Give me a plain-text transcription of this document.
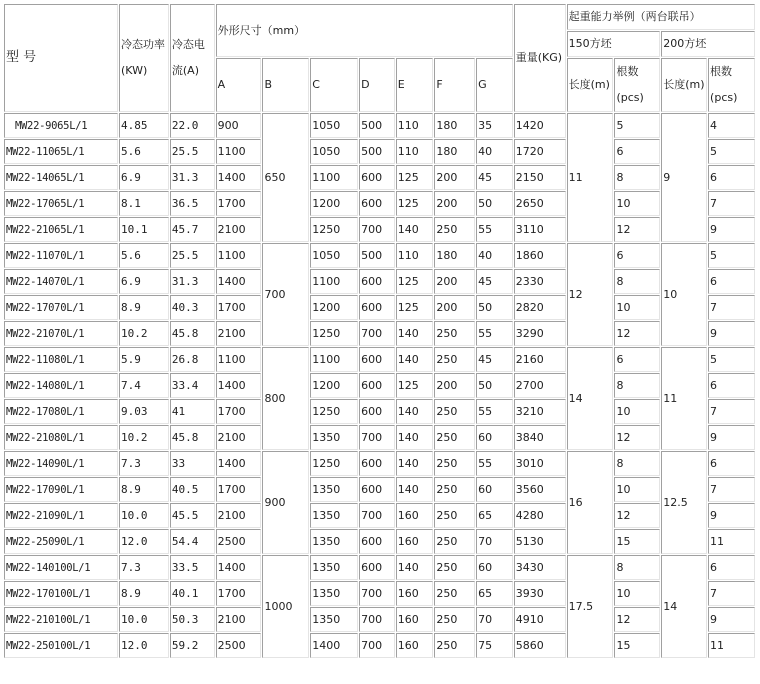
型 号	冷态功率(KW)	冷态电流(A)	外形尺寸（mm）							重量(KG)	起重能力举例（两台联吊）			
											150方坯		200方坯	
			A	B	C	D	E	F	G		长度(m)	根数(pcs)	长度(m)	根数(pcs)
MW22-9065L/1	4.85	22.0	900	650	1050	500	110	180	35	1420	11	5	9	4
MW22-11065L/1	5.6	25.5	1100		1050	500	110	180	40	1720		6		5
MW22-14065L/1	6.9	31.3	1400		1100	600	125	200	45	2150		8		6
MW22-17065L/1	8.1	36.5	1700		1200	600	125	200	50	2650		10		7
MW22-21065L/1	10.1	45.7	2100		1250	700	140	250	55	3110		12		9
MW22-11070L/1	5.6	25.5	1100	700	1050	500	110	180	40	1860	12	6	10	5
MW22-14070L/1	6.9	31.3	1400		1100	600	125	200	45	2330		8		6
MW22-17070L/1	8.9	40.3	1700		1200	600	125	200	50	2820		10		7
MW22-21070L/1	10.2	45.8	2100		1250	700	140	250	55	3290		12		9
MW22-11080L/1	5.9	26.8	1100	800	1100	600	140	250	45	2160	14	6	11	5
MW22-14080L/1	7.4	33.4	1400		1200	600	125	200	50	2700		8		6
MW22-17080L/1	9.03	41	1700		1250	600	140	250	55	3210		10		7
MW22-21080L/1	10.2	45.8	2100		1350	700	140	250	60	3840		12		9
MW22-14090L/1	7.3	33	1400	900	1250	600	140	250	55	3010	16	8	12.5	6
MW22-17090L/1	8.9	40.5	1700		1350	600	140	250	60	3560		10		7
MW22-21090L/1	10.0	45.5	2100		1350	700	160	250	65	4280		12		9
MW22-25090L/1	12.0	54.4	2500		1350	600	160	250	70	5130		15		11
MW22-140100L/1	7.3	33.5	1400	1000	1350	600	140	250	60	3430	17.5	8	14	6
MW22-170100L/1	8.9	40.1	1700		1350	700	160	250	65	3930		10		7
MW22-210100L/1	10.0	50.3	2100		1350	700	160	250	70	4910		12		9
MW22-250100L/1	12.0	59.2	2500		1400	700	160	250	75	5860		15		11
